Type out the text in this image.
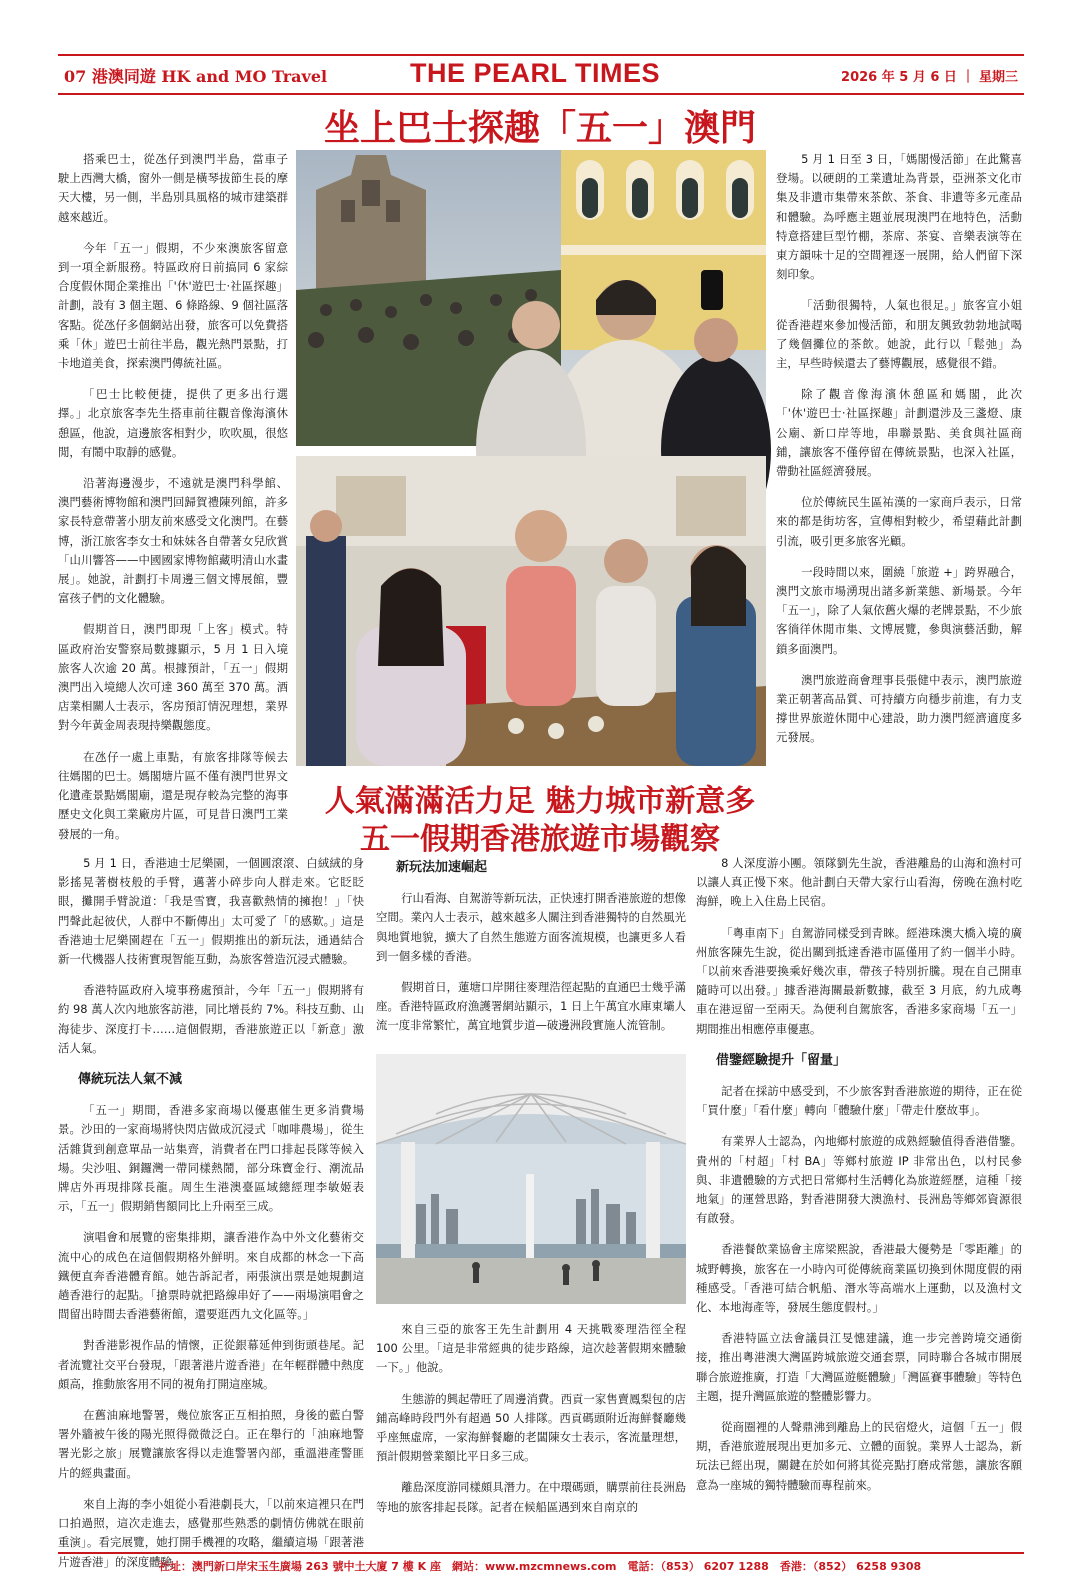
07 港澳同遊 HK and MO Travel	THE PEARL TIMES	2026 年 5 月 6 日 ｜ 星期三
坐上巴士探趣「五一」澳門

搭乘巴士，從氹仔到澳門半島，當車子駛上西灣大橋，窗外一側是橫琴拔節生長的摩天大樓，另一側，半島別具風格的城市建築群越來越近。

今年「五一」假期，不少來澳旅客留意到一項全新服務。特區政府日前搞同 6 家綜合度假休閒企業推出「'休'遊巴士·社區探趣」計劃，設有 3 個主題、6 條路線、9 個社區落客點。從氹仔多個網站出發，旅客可以免費搭乘「休」遊巴士前往半島，觀光熱門景點，打卡地道美食，探索澳門傳統社區。

「巴士比較便捷，提供了更多出行選擇。」北京旅客李先生搭車前往觀音像海濱休憩區，他說，這邊旅客相對少，吹吹風，很悠閒，有鬧中取靜的感覺。

沿著海邊漫步，不遠就是澳門科學館、澳門藝術博物館和澳門回歸賀禮陳列館，許多家長特意帶著小朋友前來感受文化澳門。在藝博，浙江旅客李女士和妹妹各自帶著女兒欣賞「山川響答——中國國家博物館藏明清山水畫展」。她說，計劃打卡周邊三個文博展館，豐富孩子們的文化體驗。

假期首日，澳門即現「上客」模式。特區政府治安警察局數據顯示，5 月 1 日入境旅客人次逾 20 萬。根據預計，「五一」假期澳門出入境總人次可達 360 萬至 370 萬。酒店業相關人士表示，客房預訂情況理想，業界對今年黃金周表現持樂觀態度。

在氹仔一處上車點，有旅客排隊等候去往媽閣的巴士。媽閣塘片區不僅有澳門世界文化遺產景點媽閣廟，還是現存較為完整的海事歷史文化與工業廠房片區，可見昔日澳門工業發展的一角。

5 月 1 日至 3 日，「媽閣慢活節」在此驚喜登場。以硬朗的工業遺址為背景，亞洲茶文化市集及非遺市集帶來茶飲、茶食、非遺等多元產品和體驗。為呼應主題並展現澳門在地特色，活動特意搭建巨型竹棚，茶席、茶宴、音樂表演等在東方韻味十足的空間裡逐一展開，給人們留下深刻印象。

「活動很獨特，人氣也很足。」旅客宣小姐從香港趕來參加慢活節，和朋友興致勃勃地試喝了幾個攤位的茶飲。她說，此行以「鬆弛」為主，早些時候還去了藝博觀展，感覺很不錯。

除了觀音像海濱休憩區和媽閣，此次「'休'遊巴士·社區探趣」計劃還涉及三盞燈、康公廟、新口岸等地，串聯景點、美食與社區商鋪，讓旅客不僅停留在傳統景點，也深入社區，帶動社區經濟發展。

位於傳統民生區祐漢的一家商戶表示，日常來的都是街坊客，宣傳相對較少，希望藉此計劃引流，吸引更多旅客光顧。

一段時間以來，圍繞「旅遊 +」跨界融合，澳門文旅市場湧現出諸多新業態、新場景。今年「五一」，除了人氣依舊火爆的老牌景點，不少旅客徜徉休閒市集、文博展覽，參與演藝活動，解鎖多面澳門。

澳門旅遊商會理事長張健中表示，澳門旅遊業正朝著高品質、可持續方向穩步前進，有力支撐世界旅遊休閒中心建設，助力澳門經濟適度多元發展。

人氣滿滿活力足 魅力城市新意多
五一假期香港旅遊市場觀察

5 月 1 日，香港迪士尼樂園，一個圓滾滾、白絨絨的身影搖晃著樹枝般的手臂，邁著小碎步向人群走來。它眨眨眼，攤開手臂說道：「我是雪寶，我喜歡熱情的擁抱！」「快門聲此起彼伏，人群中不斷傳出」太可愛了「的感歎。」這是香港迪士尼樂園趕在「五一」假期推出的新玩法，通過結合新一代機器人技術實現智能互動，為旅客營造沉浸式體驗。

香港特區政府入境事務處預計，今年「五一」假期將有約 98 萬人次內地旅客訪港，同比增長約 7%。科技互動、山海徒步、深度打卡……這個假期，香港旅遊正以「新意」激活人氣。

傳統玩法人氣不減

「五一」期間，香港多家商場以優惠催生更多消費場景。沙田的一家商場將快閃店做成沉浸式「咖啡農場」，從生活雜貨到創意單品一站集齊，消費者在門口排起長隊等候入場。尖沙咀、銅鑼灣一帶同樣熱鬧，部分珠寶金行、潮流品牌店外再現排隊長龍。周生生港澳臺區域總經理李敏姬表示，「五一」假期銷售額同比上升兩至三成。

演唱會和展覽的密集排期，讓香港作為中外文化藝術交流中心的成色在這個假期格外鮮明。來自成都的林念一下高鐵便直奔香港體育館。她告訴記者，兩張演出票是她規劃這趟香港行的起點。「搶票時就把路線串好了——兩場演唱會之間留出時間去香港藝術館，還要逛西九文化區等。」

對香港影視作品的情懷，正從銀幕延伸到街頭巷尾。記者流覽社交平台發現，「跟著港片遊香港」在年輕群體中熱度頗高，推動旅客用不同的視角打開這座城。

在舊油麻地警署，幾位旅客正互相拍照，身後的藍白警署外牆被午後的陽光照得微微泛白。正在舉行的「油麻地警署光影之旅」展覽讓旅客得以走進警署內部，重溫港產警匪片的經典畫面。

來自上海的李小姐從小看港劇長大，「以前來這裡只在門口拍過照，這次走進去，感覺那些熟悉的劇情仿佛就在眼前重演」。看完展覽，她打開手機裡的攻略，繼續這場「跟著港片遊香港」的深度體驗。

新玩法加速崛起

行山看海、自駕游等新玩法，正快速打開香港旅遊的想像空間。業內人士表示，越來越多人關注到香港獨特的自然風光與地質地貌，擴大了自然生態遊方面客流規模，也讓更多人看到一個多樣的香港。

假期首日，蓮塘口岸開往麥理浩徑起點的直通巴士幾乎滿座。香港特區政府漁護署網站顯示，1 日上午萬宜水庫東壩人流一度非常繁忙，萬宜地質步道—破邊洲段實施人流管制。

來自三亞的旅客王先生計劃用 4 天挑戰麥理浩徑全程 100 公里。「這是非常經典的徒步路線，這次趁著假期來體驗一下。」他說。

生態游的興起帶旺了周邊消費。西貢一家售賣鳳梨包的店鋪高峰時段門外有超過 50 人排隊。西貢碼頭附近海鮮餐廳幾乎座無虛席，一家海鮮餐廳的老闆陳女士表示，客流量理想，預計假期營業額比平日多三成。

離島深度游同樣頗具潛力。在中環碼頭，購票前往長洲島等地的旅客排起長隊。記者在候船區遇到來自南京的

8 人深度游小團。領隊劉先生說，香港離島的山海和漁村可以讓人真正慢下來。他計劃白天帶大家行山看海，傍晚在漁村吃海鮮，晚上入住島上民宿。

「粵車南下」自駕游同樣受到青睞。經港珠澳大橋入境的廣州旅客陳先生說，從出關到抵達香港市區僅用了約一個半小時。「以前來香港要換乘好幾次車，帶孩子特別折騰。現在自己開車隨時可以出發。」據香港海關最新數據，截至 3 月底，約九成粵車在港逗留一至兩天。為便利自駕旅客，香港多家商場「五一」期間推出相應停車優惠。

借鑒經驗提升「留量」

記者在採訪中感受到，不少旅客對香港旅遊的期待，正在從「買什麼」「看什麼」轉向「體驗什麼」「帶走什麼故事」。

有業界人士認為，內地鄉村旅遊的成熟經驗值得香港借鑒。貴州的「村超」「村 BA」等鄉村旅遊 IP 非常出色，以村民參與、非遺體驗的方式把日常鄉村生活轉化為旅遊經歷，這種「接地氣」的運營思路，對香港開發大澳漁村、長洲島等鄉郊資源很有啟發。

香港餐飲業協會主席梁熙說，香港最大優勢是「零距離」的城野轉換，旅客在一小時內可從傳統商業區切換到休閒度假的兩種感受。「香港可結合帆船、潛水等高端水上運動，以及漁村文化、本地海產等，發展生態度假村。」

香港特區立法會議員江旻憓建議，進一步完善跨境交通銜接，推出粵港澳大灣區跨城旅遊交通套票，同時聯合各城市開展聯合旅遊推廣，打造「大灣區遊艇體驗」「灣區賽事體驗」等特色主題，提升灣區旅遊的整體影響力。

從商圈裡的人聲鼎沸到離島上的民宿燈火，這個「五一」假期，香港旅遊展現出更加多元、立體的面貌。業界人士認為，新玩法已經出現，關鍵在於如何將其從亮點打磨成常態，讓旅客願意為一座城的獨特體驗而專程前來。

社址：澳門新口岸宋玉生廣場 263 號中土大廈 7 樓 K 座　網站：www.mzcmnews.com　電話：（853） 6207 1288　香港：（852） 6258 9308
